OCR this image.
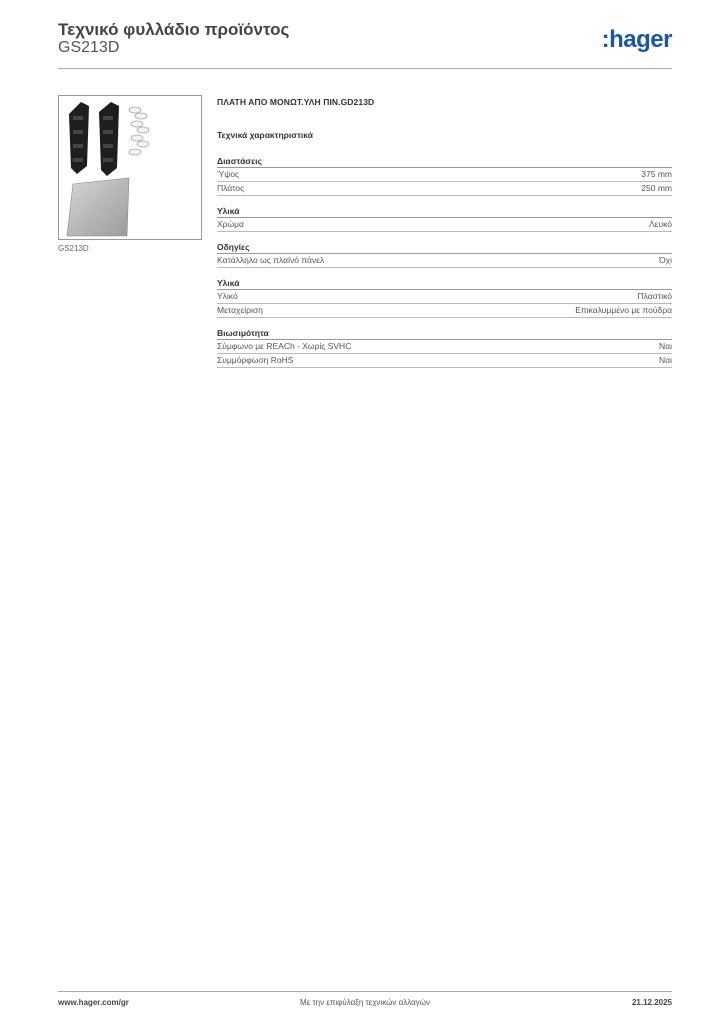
Τεχνικό φυλλάδιο προϊόντος
GS213D	:hager
GS213D
ΠΛΑΤΗ ΑΠΟ ΜΟΝΩΤ.ΥΛΗ ΠΙΝ.GD213D
Τεχνικά χαρακτηριστικά
Διαστάσεις
Ύψος	375 mm
Πλάτος	250 mm
Υλικά
Χρώμα	Λευκό
Οδηγίες
Κατάλληλο ως πλαϊνό πάνελ	Όχι
Υλικά
Υλικό	Πλαστικό
Μεταχείριση	Επικαλυμμένο με πούδρα
Βιωσιμότητα
Σύμφωνο με REACh - Χωρίς SVHC	Ναι
Συμμόρφωση RoHS	Ναι
www.hager.com/gr	Με την επιφύλαξη τεχνικών αλλαγών	21.12.2025
